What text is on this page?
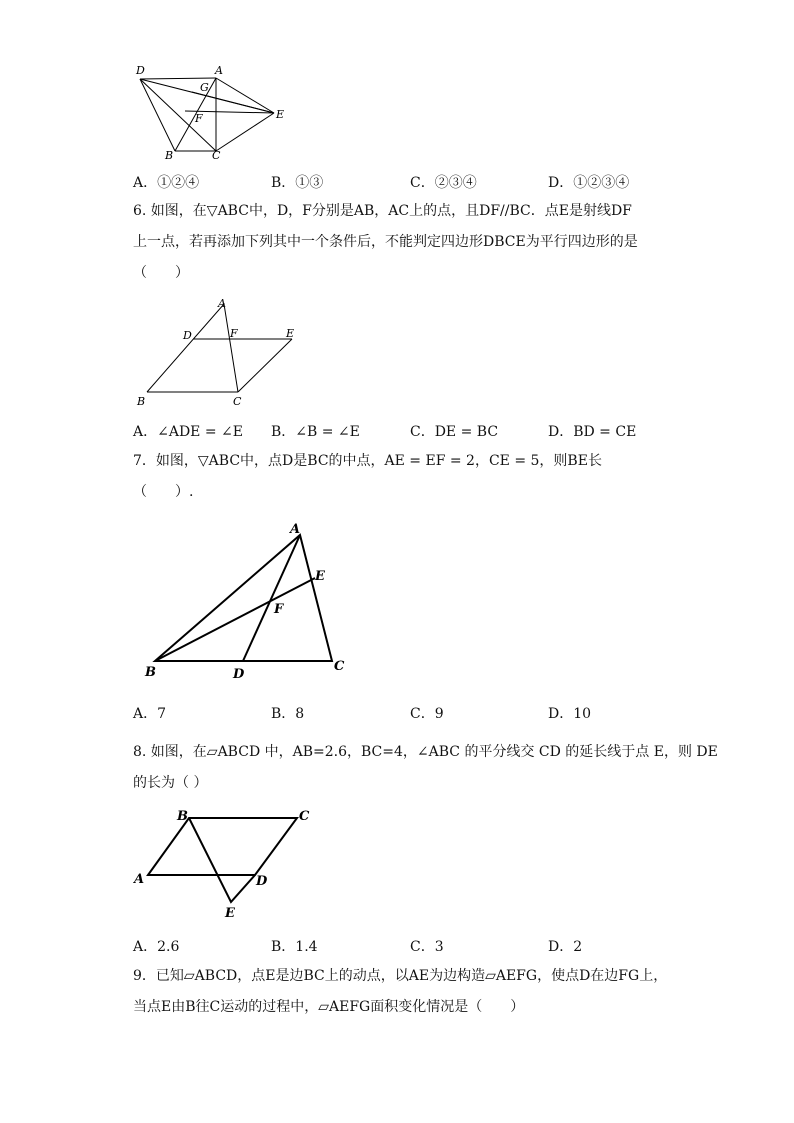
D	A
G
E
F
B	C
A．①②④	B．①③	C．②③④	D．①②③④
6. 如图，在▽ABC中，D，F分别是AB，AC上的点，且DF//BC．点E是射线DF
上一点，若再添加下列其中一个条件后，不能判定四边形DBCE为平行四边形的是
（　　）
A
D	F	E
B	C
A．∠ADE = ∠E B．∠B = ∠E	C．DE = BC	D．BD = CE
7．如图，▽ABC中，点D是BC的中点，AE = EF = 2，CE = 5，则BE长
（　　）.
A
E
F
B	D
C
A．7	B．8	C．9	D．10
8. 如图，在▱ABCD 中，AB=2.6，BC=4，∠ABC 的平分线交 CD 的延长线于点 E，则 DE
的长为（ ）
B	C
A	D
E
A．2.6	B．1.4	C．3	D．2
9．已知▱ABCD，点E是边BC上的动点，以AE为边构造▱AEFG，使点D在边FG上，
当点E由B往C运动的过程中，▱AEFG面积变化情况是（　　）
